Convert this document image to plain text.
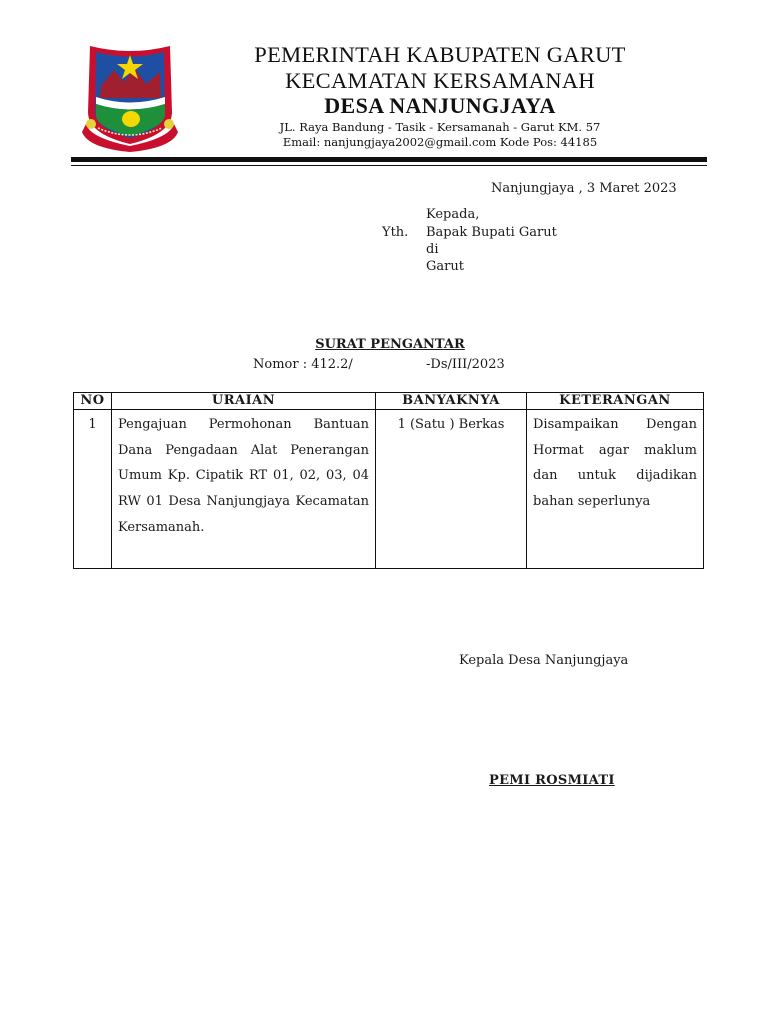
PEMERINTAH KABUPATEN GARUT
KECAMATAN KERSAMANAH
DESA NANJUNGJAYA
JL. Raya Bandung - Tasik - Kersamanah - Garut KM. 57
Email: nanjungjaya2002@gmail.com Kode Pos: 44185
Nanjungjaya , 3 Maret 2023
Kepada,
Yth. Bapak Bupati Garut
di
Garut
SURAT PENGANTAR
Nomor : 412.2/	-Ds/III/2023
NO	URAIAN	BANYAKNYA	KETERANGAN
1	Pengajuan Permohonan Bantuan Dana Pengadaan Alat Penerangan Umum Kp. Cipatik RT 01, 02, 03, 04 RW 01 Desa Nanjungjaya Kecamatan Kersamanah.	1 (Satu ) Berkas	Disampaikan Dengan Hormat agar maklum dan untuk dijadikan bahan seperlunya
Kepala Desa Nanjungjaya
PEMI ROSMIATI
